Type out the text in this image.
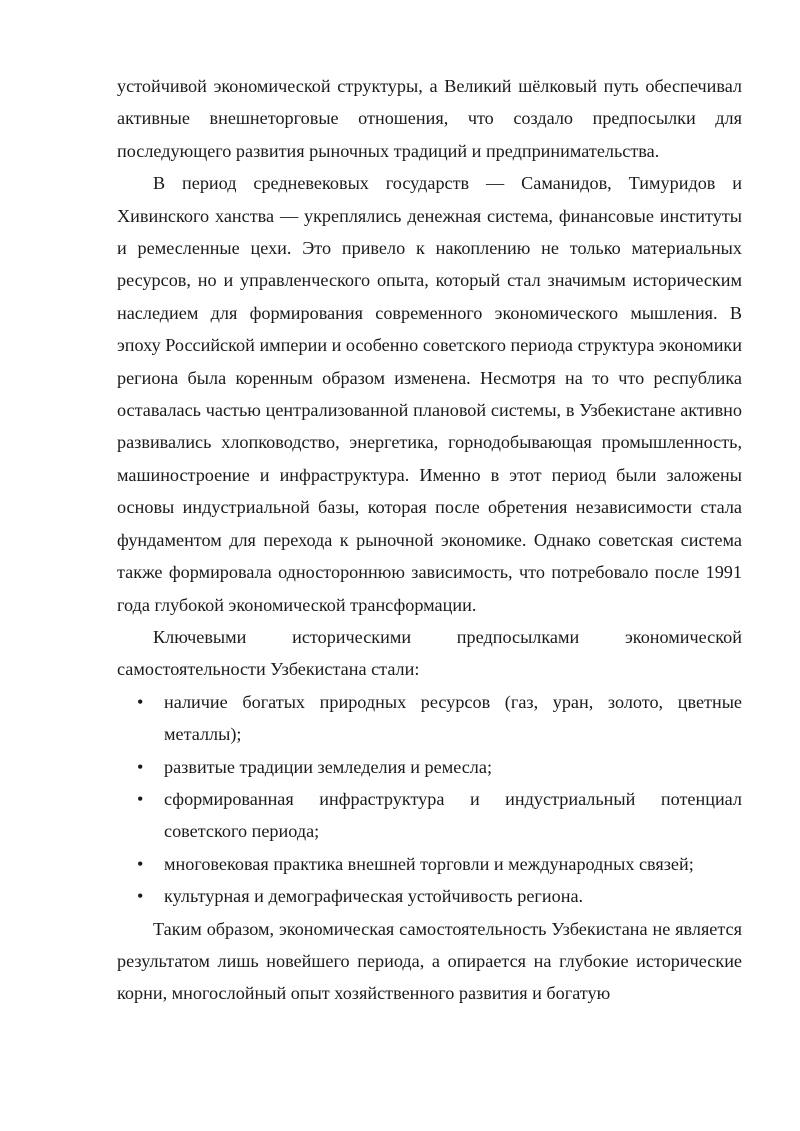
устойчивой экономической структуры, а Великий шёлковый путь обеспечивал активные внешнеторговые отношения, что создало предпосылки для последующего развития рыночных традиций и предпринимательства.

В период средневековых государств — Саманидов, Тимуридов и Хивинского ханства — укреплялись денежная система, финансовые институты и ремесленные цехи. Это привело к накоплению не только материальных ресурсов, но и управленческого опыта, который стал значимым историческим наследием для формирования современного экономического мышления. В эпоху Российской империи и особенно советского периода структура экономики региона была коренным образом изменена. Несмотря на то что республика оставалась частью централизованной плановой системы, в Узбекистане активно развивались хлопководство, энергетика, горнодобывающая промышленность, машиностроение и инфраструктура. Именно в этот период были заложены основы индустриальной базы, которая после обретения независимости стала фундаментом для перехода к рыночной экономике. Однако советская система также формировала одностороннюю зависимость, что потребовало после 1991 года глубокой экономической трансформации.

Ключевыми историческими предпосылками экономической самостоятельности Узбекистана стали:

• наличие богатых природных ресурсов (газ, уран, золото, цветные металлы);
• развитые традиции земледелия и ремесла;
• сформированная инфраструктура и индустриальный потенциал советского периода;
• многовековая практика внешней торговли и международных связей;
• культурная и демографическая устойчивость региона.

Таким образом, экономическая самостоятельность Узбекистана не является результатом лишь новейшего периода, а опирается на глубокие исторические корни, многослойный опыт хозяйственного развития и богатую
